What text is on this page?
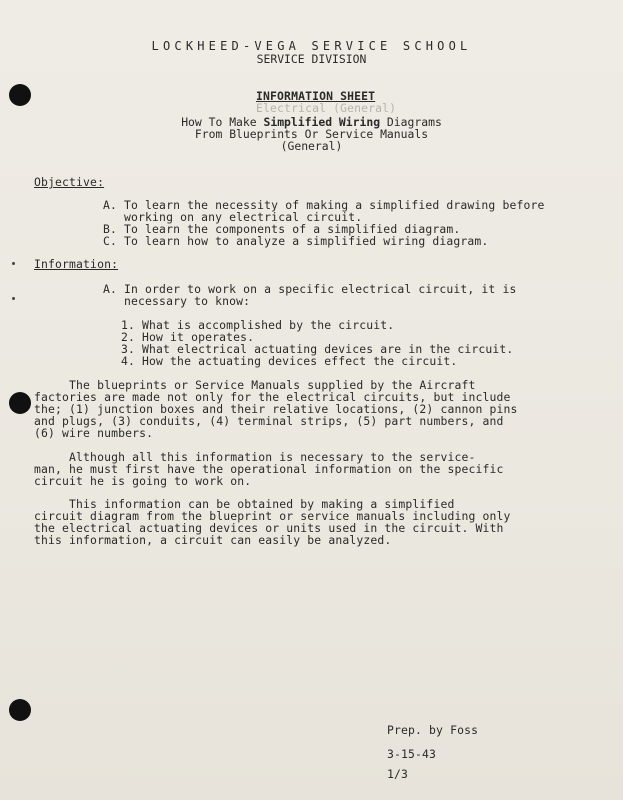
LOCKHEED-VEGA SERVICE SCHOOL
SERVICE DIVISION

INFORMATION SHEET
Electrical (General)

How To Make Simplified Wiring Diagrams
From Blueprints Or Service Manuals
(General)
Objective:
A. To learn the necessity of making a simplified drawing before
working on any electrical circuit.
B. To learn the components of a simplified diagram.
C. To learn how to analyze a simplified wiring diagram.
Information:
A. In order to work on a specific electrical circuit, it is
necessary to know:
1. What is accomplished by the circuit.
2. How it operates.
3. What electrical actuating devices are in the circuit.
4. How the actuating devices effect the circuit.
The blueprints or Service Manuals supplied by the Aircraft
factories are made not only for the electrical circuits, but include
the; (1) junction boxes and their relative locations, (2) cannon pins
and plugs, (3) conduits, (4) terminal strips, (5) part numbers, and
(6) wire numbers.
Although all this information is necessary to the service-
man, he must first have the operational information on the specific
circuit he is going to work on.
This information can be obtained by making a simplified
circuit diagram from the blueprint or service manuals including only
the electrical actuating devices or units used in the circuit. With
this information, a circuit can easily be analyzed.
Prep. by Foss
3-15-43
1/3
